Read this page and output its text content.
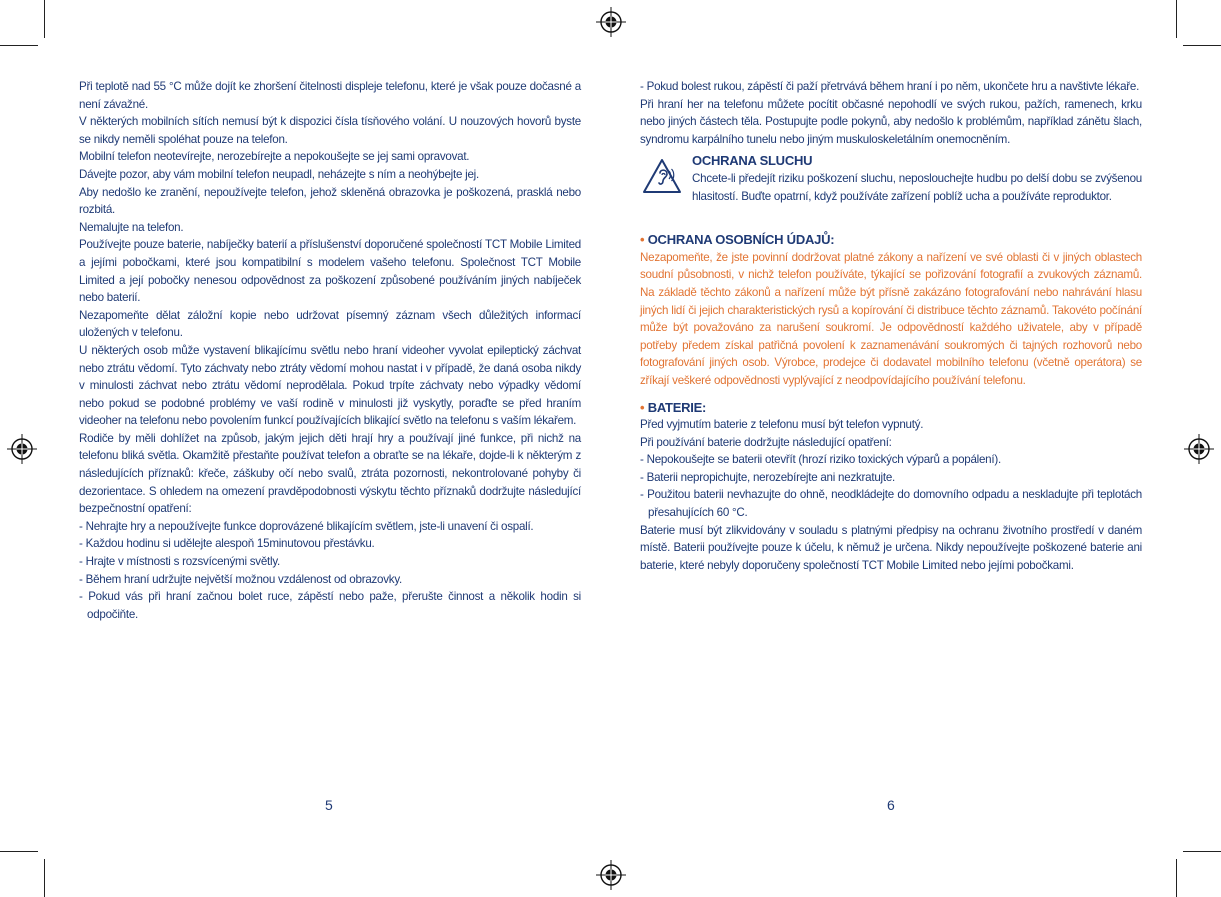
Při teplotě nad 55 °C může dojít ke zhoršení čitelnosti displeje telefonu, které je však pouze dočasné a není závažné.

V některých mobilních sítích nemusí být k dispozici čísla tísňového volání. U nouzových hovorů byste se nikdy neměli spoléhat pouze na telefon.

Mobilní telefon neotevírejte, nerozebírejte a nepokoušejte se jej sami opravovat.

Dávejte pozor, aby vám mobilní telefon neupadl, neházejte s ním a neohýbejte jej.

Aby nedošlo ke zranění, nepoužívejte telefon, jehož skleněná obrazovka je poškozená, prasklá nebo rozbitá.

Nemalujte na telefon.

Používejte pouze baterie, nabíječky baterií a příslušenství doporučené společností TCT Mobile Limited a jejími pobočkami, které jsou kompatibilní s modelem vašeho telefonu. Společnost TCT Mobile Limited a její pobočky nenesou odpovědnost za poškození způsobené používáním jiných nabíječek nebo baterií.

Nezapomeňte dělat záložní kopie nebo udržovat písemný záznam všech důležitých informací uložených v telefonu.

U některých osob může vystavení blikajícímu světlu nebo hraní videoher vyvolat epileptický záchvat nebo ztrátu vědomí. Tyto záchvaty nebo ztráty vědomí mohou nastat i v případě, že daná osoba nikdy v minulosti záchvat nebo ztrátu vědomí neprodělala. Pokud trpíte záchvaty nebo výpadky vědomí nebo pokud se podobné problémy ve vaší rodině v minulosti již vyskytly, poraďte se před hraním videoher na telefonu nebo povolením funkcí používajících blikající světlo na telefonu s vaším lékařem.

Rodiče by měli dohlížet na způsob, jakým jejich děti hrají hry a používají jiné funkce, při nichž na telefonu bliká světla. Okamžitě přestaňte používat telefon a obraťte se na lékaře, dojde-li k některým z následujících příznaků: křeče, záškuby očí nebo svalů, ztráta pozornosti, nekontrolované pohyby či dezorientace. S ohledem na omezení pravděpodobnosti výskytu těchto příznaků dodržujte následující bezpečnostní opatření:

- Nehrajte hry a nepoužívejte funkce doprovázené blikajícím světlem, jste-li unavení či ospalí.

- Každou hodinu si udělejte alespoň 15minutovou přestávku.

- Hrajte v místnosti s rozsvícenými světly.

- Během hraní udržujte největší možnou vzdálenost od obrazovky.

- Pokud vás při hraní začnou bolet ruce, zápěstí nebo paže, přerušte činnost a několik hodin si odpočiňte.

- Pokud bolest rukou, zápěstí či paží přetrvává během hraní i po něm, ukončete hru a navštivte lékaře.

Při hraní her na telefonu můžete pocítit občasné nepohodlí ve svých rukou, pažích, ramenech, krku nebo jiných částech těla. Postupujte podle pokynů, aby nedošlo k problémům, například zánětu šlach, syndromu karpálního tunelu nebo jiným muskuloskeletálním onemocněním.

OCHRANA SLUCHU

Chcete-li předejít riziku poškození sluchu, neposlouchejte hudbu po delší dobu se zvýšenou hlasitostí. Buďte opatrní, když používáte zařízení poblíž ucha a používáte reproduktor.

• OCHRANA OSOBNÍCH ÚDAJŮ:

Nezapomeňte, že jste povinní dodržovat platné zákony a nařízení ve své oblasti či v jiných oblastech soudní působnosti, v nichž telefon používáte, týkající se pořizování fotografií a zvukových záznamů. Na základě těchto zákonů a nařízení může být přísně zakázáno fotografování nebo nahrávání hlasu jiných lidí či jejich charakteristických rysů a kopírování či distribuce těchto záznamů. Takovéto počínání může být považováno za narušení soukromí. Je odpovědností každého uživatele, aby v případě potřeby předem získal patřičná povolení k zaznamenávání soukromých či tajných rozhovorů nebo fotografování jiných osob. Výrobce, prodejce či dodavatel mobilního telefonu (včetně operátora) se zříkají veškeré odpovědnosti vyplývající z neodpovídajícího používání telefonu.

• BATERIE:

Před vyjmutím baterie z telefonu musí být telefon vypnutý.

Při používání baterie dodržujte následující opatření:

- Nepokoušejte se baterii otevřít (hrozí riziko toxických výparů a popálení).

- Baterii nepropichujte, nerozebírejte ani nezkratujte.

- Použitou baterii nevhazujte do ohně, neodkládejte do domovního odpadu a neskladujte při teplotách přesahujících 60 °C.

Baterie musí být zlikvidovány v souladu s platnými předpisy na ochranu životního prostředí v daném místě. Baterii používejte pouze k účelu, k němuž je určena. Nikdy nepoužívejte poškozené baterie ani baterie, které nebyly doporučeny společností TCT Mobile Limited nebo jejími pobočkami.

5	6
